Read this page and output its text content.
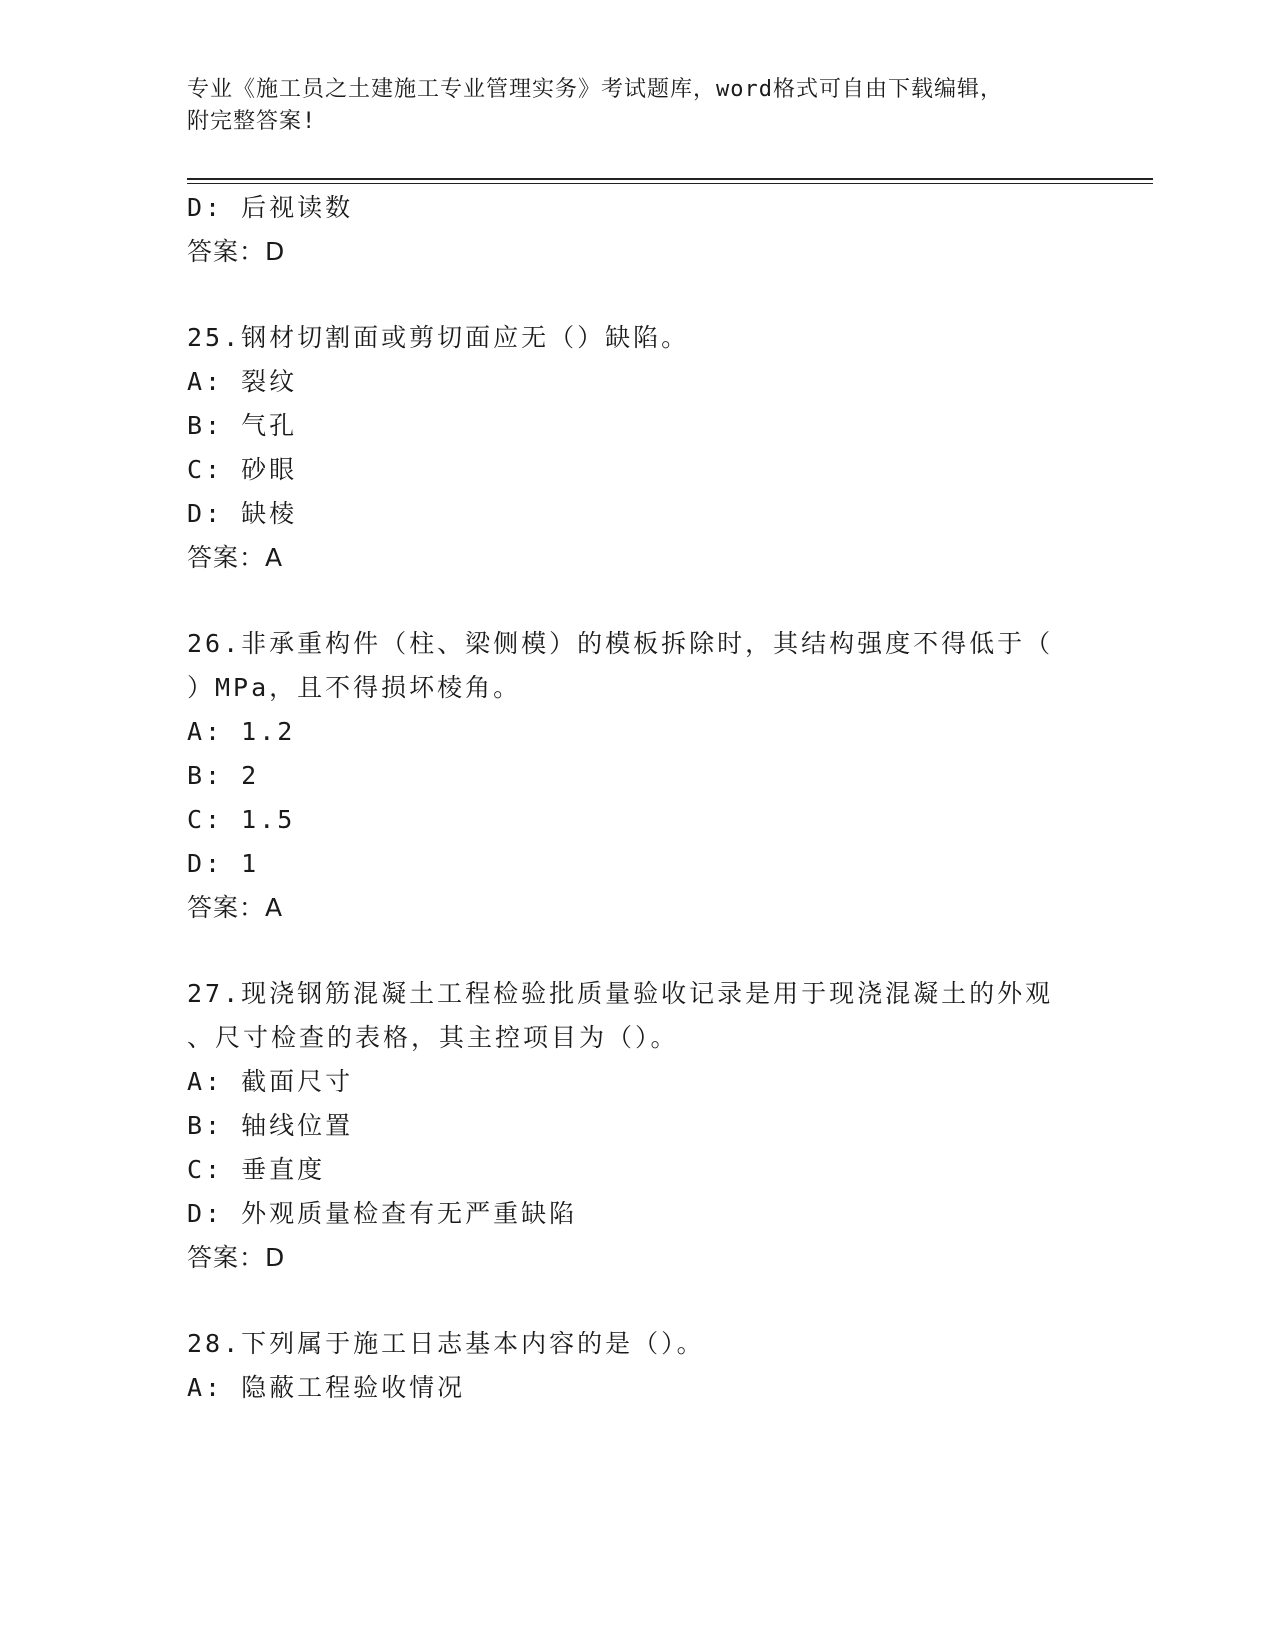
专业《施工员之土建施工专业管理实务》考试题库，word格式可自由下载编辑，
附完整答案!
D: 后视读数
答案：D
25.钢材切割面或剪切面应无（）缺陷。
A: 裂纹
B: 气孔
C: 砂眼
D: 缺棱
答案：A
26.非承重构件（柱、梁侧模）的模板拆除时，其结构强度不得低于（
）MPa，且不得损坏棱角。
A: 1.2
B: 2
C: 1.5
D: 1
答案：A
27.现浇钢筋混凝土工程检验批质量验收记录是用于现浇混凝土的外观
、尺寸检查的表格，其主控项目为（）。
A: 截面尺寸
B: 轴线位置
C: 垂直度
D: 外观质量检查有无严重缺陷
答案：D
28.下列属于施工日志基本内容的是（）。
A: 隐蔽工程验收情况
